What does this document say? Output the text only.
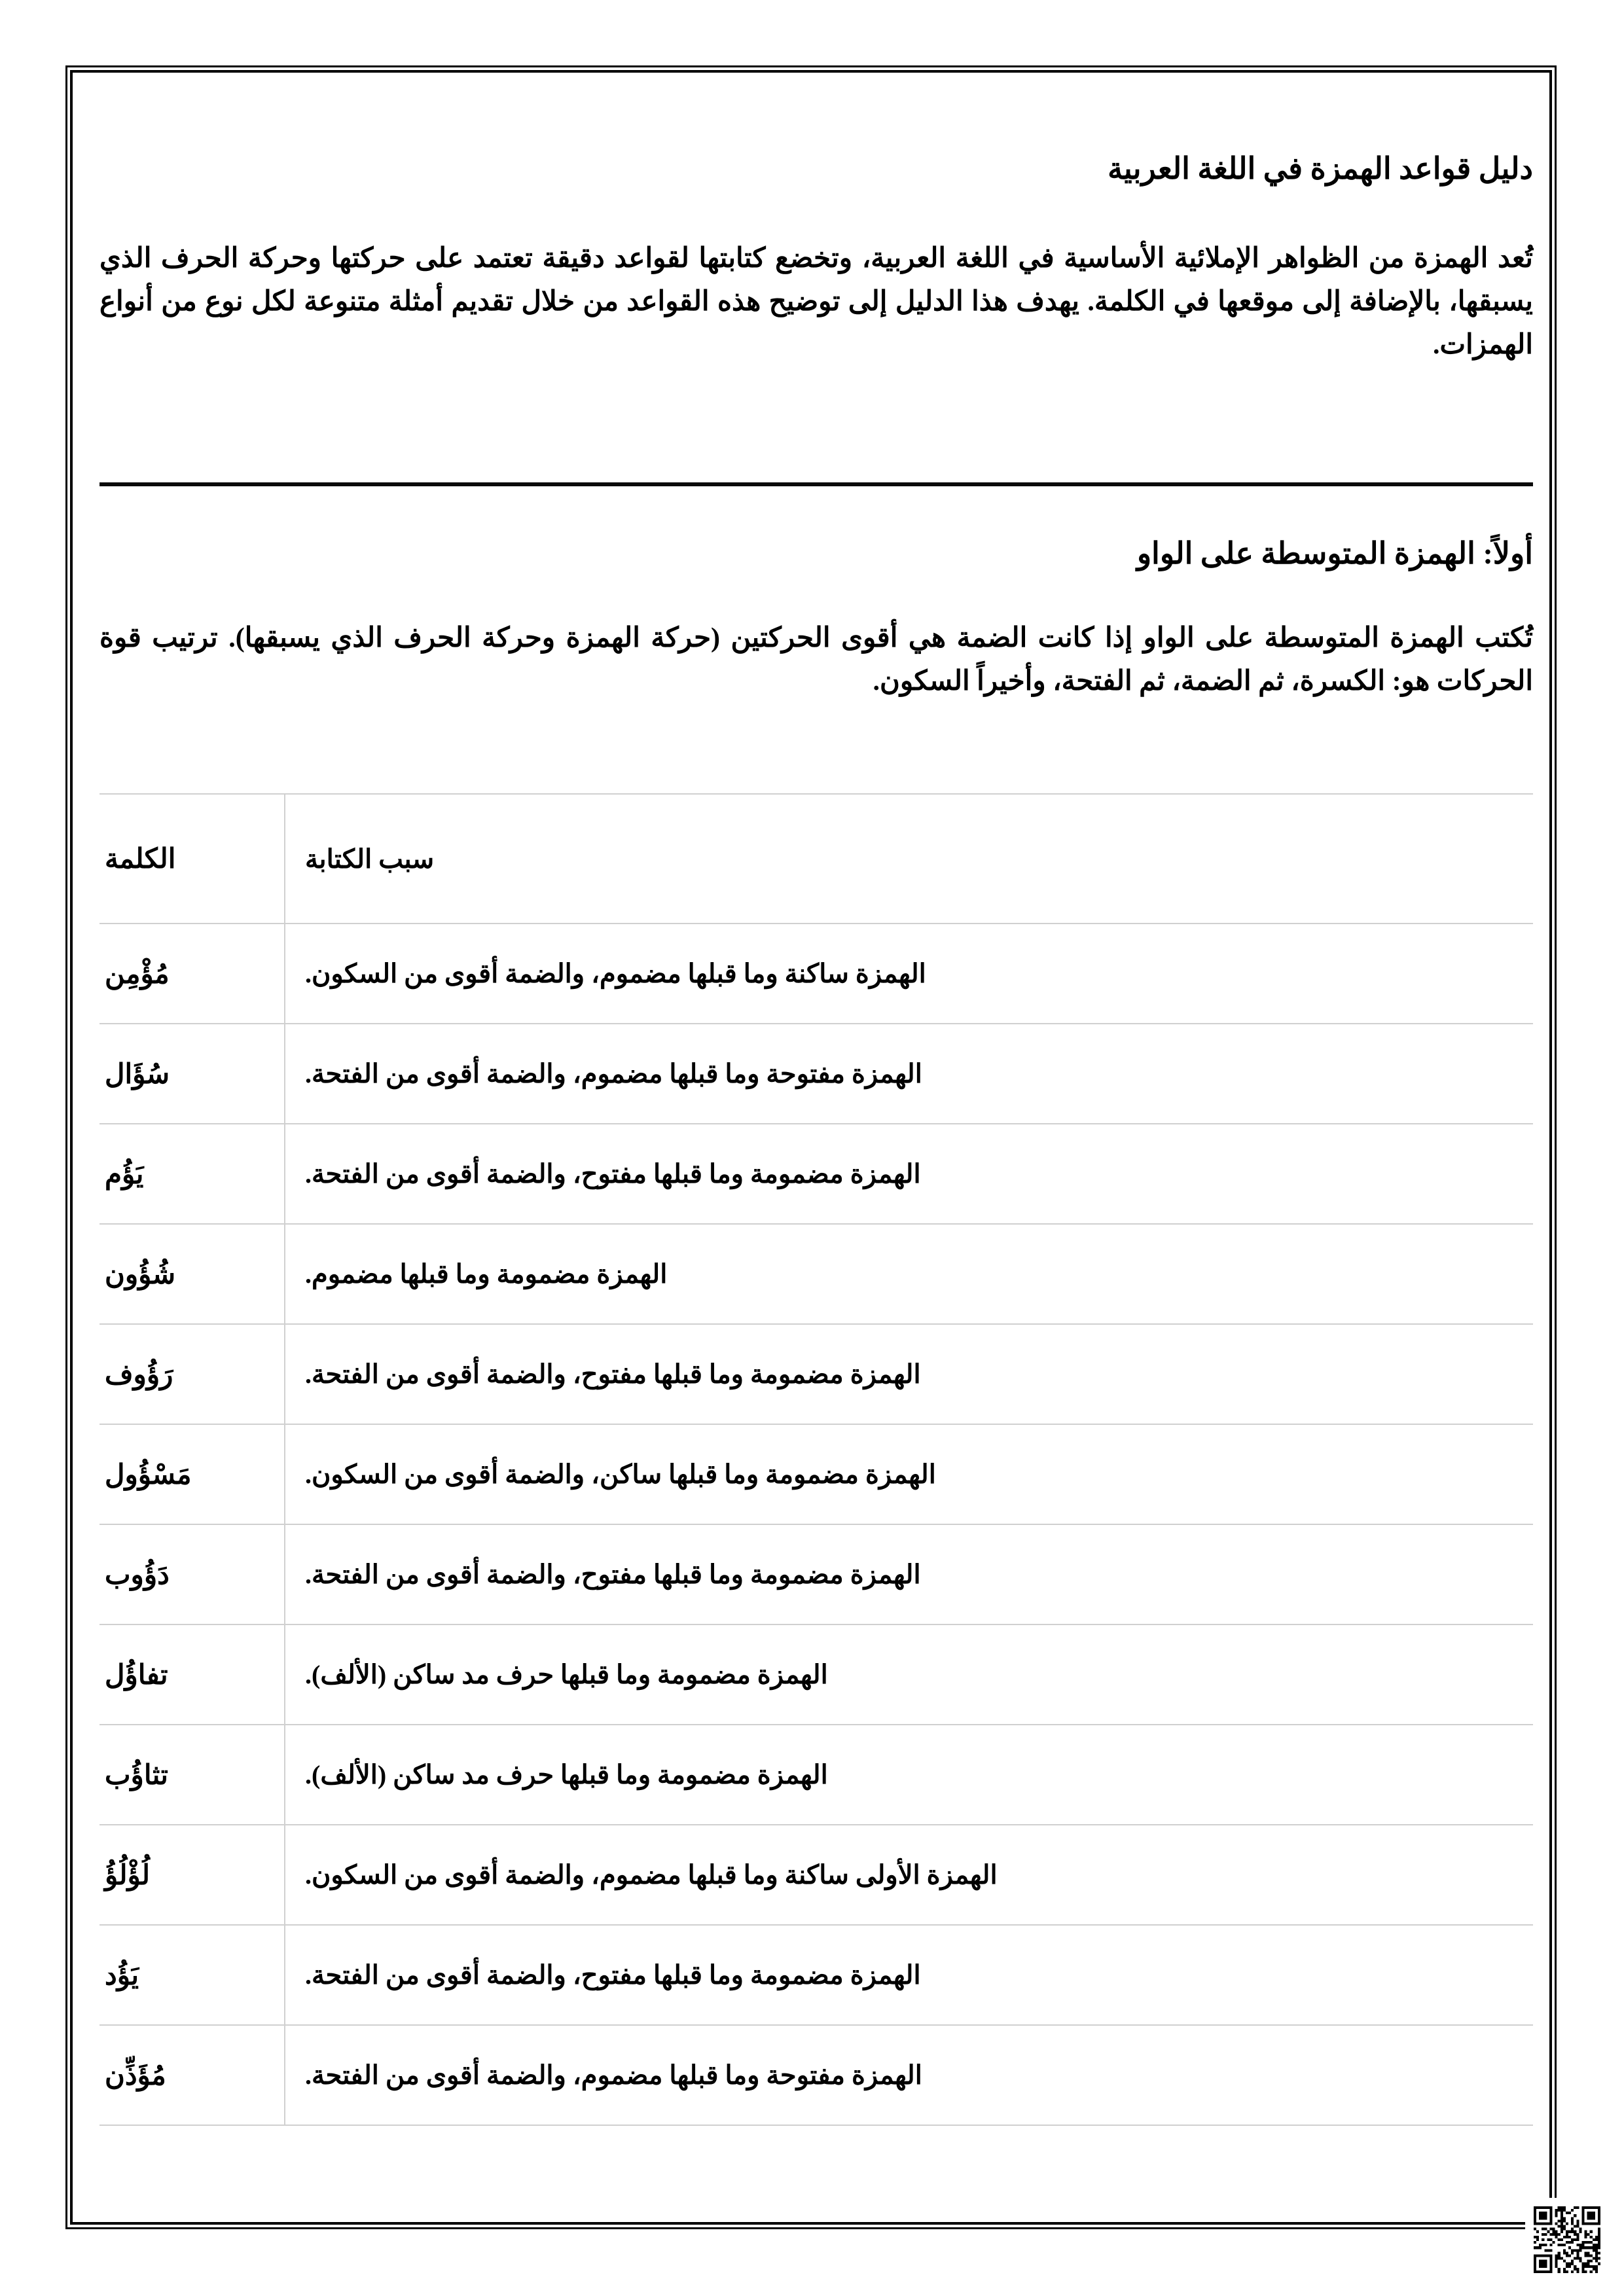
دليل قواعد الهمزة في اللغة العربية
تُعد الهمزة من الظواهر الإملائية الأساسية في اللغة العربية، وتخضع كتابتها لقواعد دقيقة تعتمد على حركتها وحركة الحرف الذي يسبقها، بالإضافة إلى موقعها في الكلمة. يهدف هذا الدليل إلى توضيح هذه القواعد من خلال تقديم أمثلة متنوعة لكل نوع من أنواع الهمزات.
أولاً: الهمزة المتوسطة على الواو
تُكتب الهمزة المتوسطة على الواو إذا كانت الضمة هي أقوى الحركتين (حركة الهمزة وحركة الحرف الذي يسبقها). ترتيب قوة الحركات هو: الكسرة، ثم الضمة، ثم الفتحة، وأخيراً السكون.
الكلمة	سبب الكتابة
مُؤْمِن	الهمزة ساكنة وما قبلها مضموم، والضمة أقوى من السكون.
سُؤَال	الهمزة مفتوحة وما قبلها مضموم، والضمة أقوى من الفتحة.
يَؤُم	الهمزة مضمومة وما قبلها مفتوح، والضمة أقوى من الفتحة.
شُؤُون	الهمزة مضمومة وما قبلها مضموم.
رَؤُوف	الهمزة مضمومة وما قبلها مفتوح، والضمة أقوى من الفتحة.
مَسْؤُول	الهمزة مضمومة وما قبلها ساكن، والضمة أقوى من السكون.
دَؤُوب	الهمزة مضمومة وما قبلها مفتوح، والضمة أقوى من الفتحة.
تفاؤُل	الهمزة مضمومة وما قبلها حرف مد ساكن (الألف).
تثاؤُب	الهمزة مضمومة وما قبلها حرف مد ساكن (الألف).
لُؤْلُؤُ	الهمزة الأولى ساكنة وما قبلها مضموم، والضمة أقوى من السكون.
يَؤُد	الهمزة مضمومة وما قبلها مفتوح، والضمة أقوى من الفتحة.
مُؤَذِّن	الهمزة مفتوحة وما قبلها مضموم، والضمة أقوى من الفتحة.
